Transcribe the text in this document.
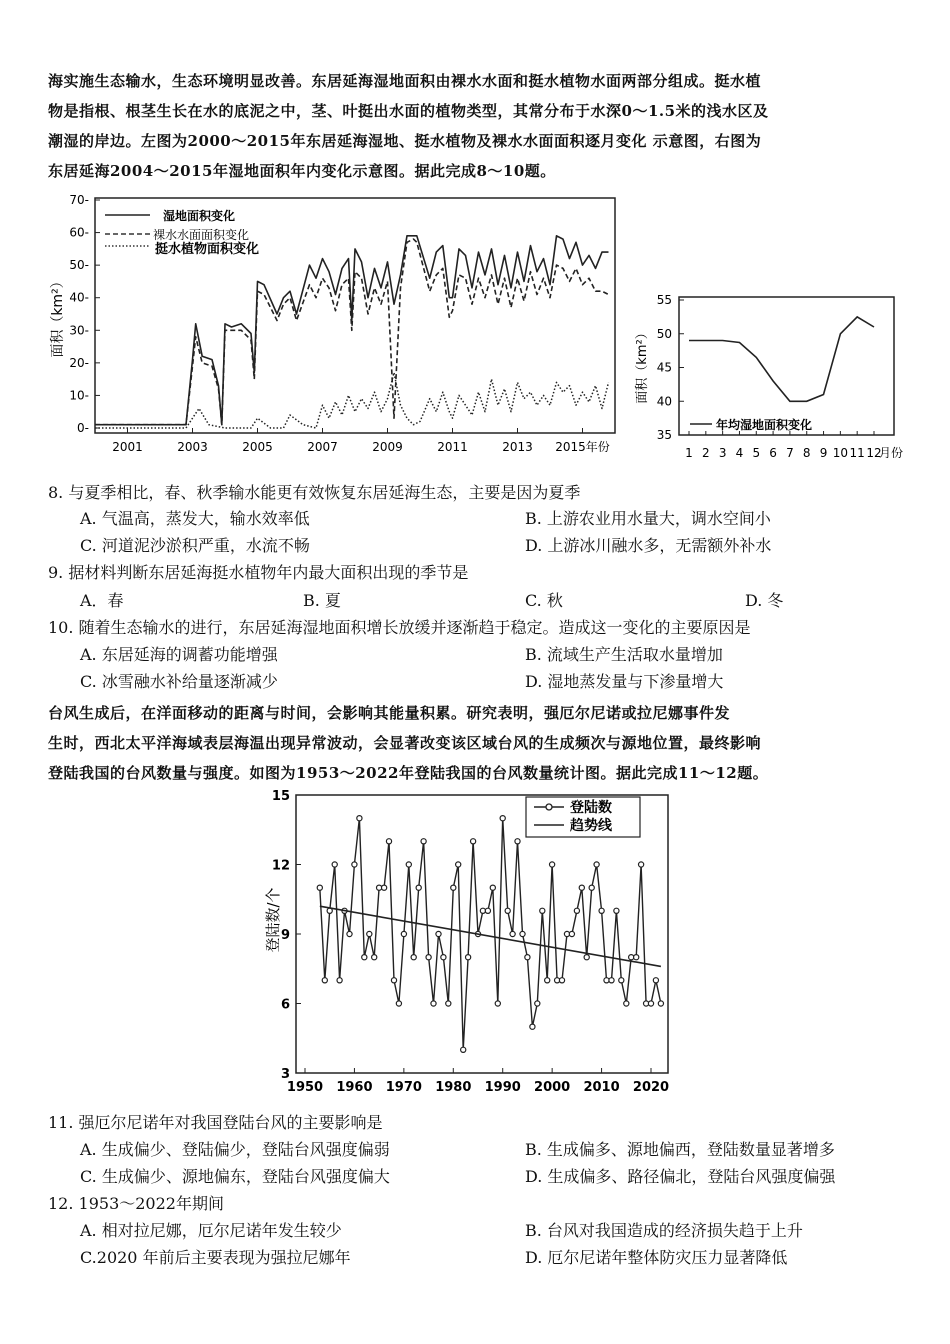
海实施生态输水，生态环境明显改善。东居延海湿地面积由裸水水面和挺水植物水面两部分组成。挺水植
物是指根、根茎生长在水的底泥之中，茎、叶挺出水面的植物类型，其常分布于水深0～1.5米的浅水区及
潮湿的岸边。左图为2000～2015年东居延海湿地、挺水植物及裸水水面面积逐月变化 示意图，右图为
东居延海2004～2015年湿地面积年内变化示意图。据此完成8～10题。
70-
60-
50-
40-
30-
20-
10-
0-
2001	2003	2005	2007	2009	2011	2013 2015年份
面积（km²）
湿地面积变化
裸水水面面积变化
挺水植物面积变化
55
50
45
40
35
1 2 3 4 5 6 7 8 9 10 11 12
面积（km²）
月份
年均湿地面积变化
8. 与夏季相比，春、秋季输水能更有效恢复东居延海生态，主要是因为夏季
A. 气温高，蒸发大，输水效率低	B. 上游农业用水量大，调水空间小
C. 河道泥沙淤积严重，水流不畅	D. 上游冰川融水多，无需额外补水
9. 据材料判断东居延海挺水植物年内最大面积出现的季节是
A．春	B. 夏	C. 秋	D. 冬
10. 随着生态输水的进行，东居延海湿地面积增长放缓并逐渐趋于稳定。造成这一变化的主要原因是
A. 东居延海的调蓄功能增强	B. 流域生产生活取水量增加
C. 冰雪融水补给量逐渐减少	D. 湿地蒸发量与下渗量增大
台风生成后，在洋面移动的距离与时间，会影响其能量积累。研究表明，强厄尔尼诺或拉尼娜事件发
生时，西北太平洋海域表层海温出现异常波动，会显著改变该区域台风的生成频次与源地位置，最终影响
登陆我国的台风数量与强度。如图为1953～2022年登陆我国的台风数量统计图。据此完成11～12题。
15
12
9
6
3
1950 1960 1970 1980 1990 2000 2010 2020
登陆数/个
登陆数
趋势线
11. 强厄尔尼诺年对我国登陆台风的主要影响是
A. 生成偏少、登陆偏少，登陆台风强度偏弱	B. 生成偏多、源地偏西，登陆数量显著增多
C. 生成偏少、源地偏东，登陆台风强度偏大	D. 生成偏多、路径偏北，登陆台风强度偏强
12. 1953～2022年期间
A. 相对拉尼娜，厄尔尼诺年发生较少	B. 台风对我国造成的经济损失趋于上升
C.2020 年前后主要表现为强拉尼娜年	D. 厄尔尼诺年整体防灾压力显著降低
